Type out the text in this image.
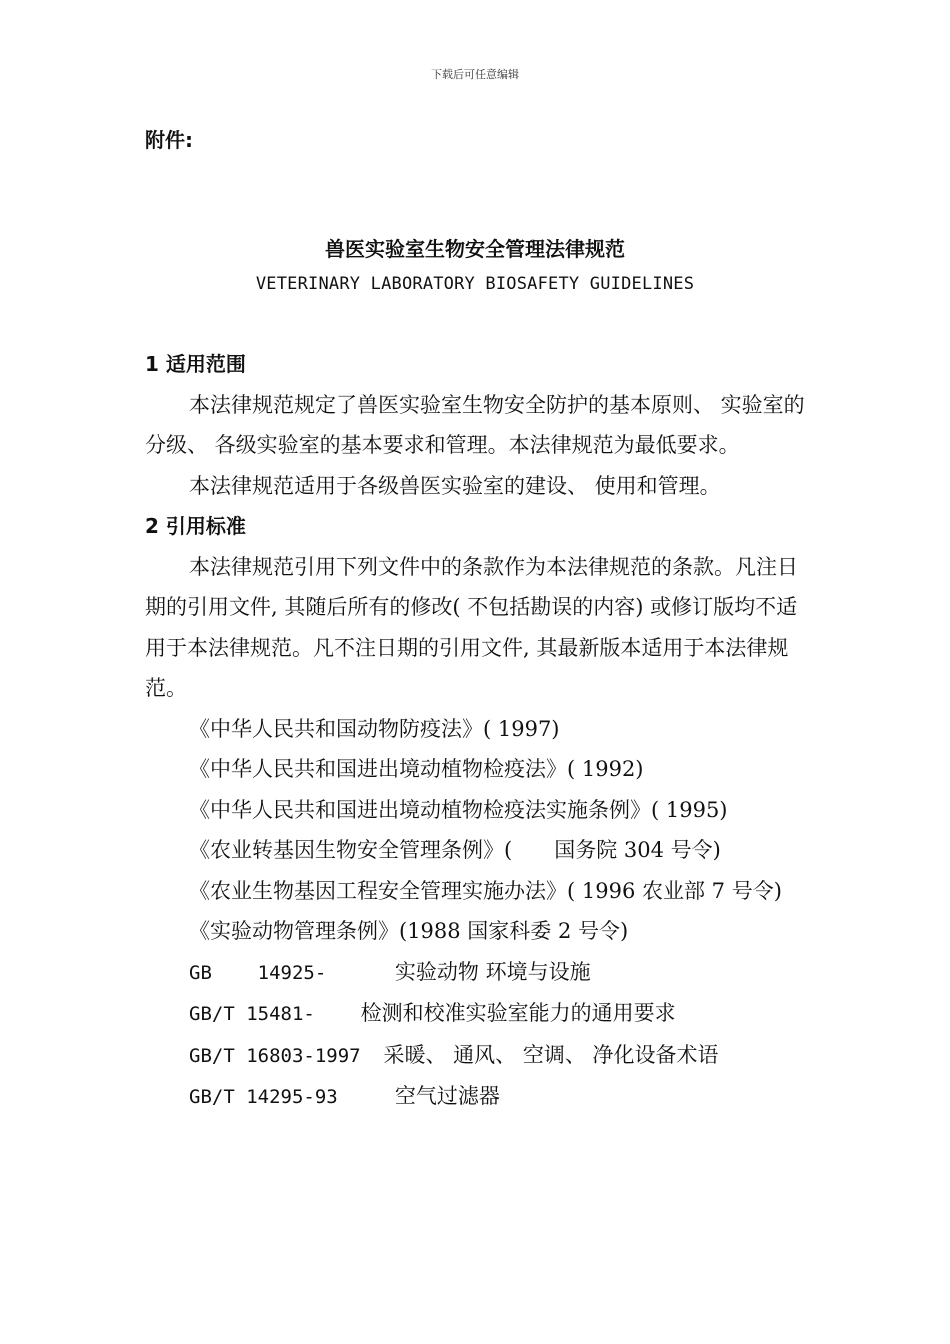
下载后可任意编辑
附件:
兽医实验室生物安全管理法律规范
VETERINARY LABORATORY BIOSAFETY GUIDELINES

1 适用范围

本法律规范规定了兽医实验室生物安全防护的基本原则、 实验室的分级、 各级实验室的基本要求和管理。本法律规范为最低要求。

本法律规范适用于各级兽医实验室的建设、 使用和管理。

2 引用标准

本法律规范引用下列文件中的条款作为本法律规范的条款。凡注日期的引用文件, 其随后所有的修改( 不包括勘误的内容) 或修订版均不适用于本法律规范。凡不注日期的引用文件, 其最新版本适用于本法律规范。

《中华人民共和国动物防疫法》( 1997)

《中华人民共和国进出境动植物检疫法》( 1992)

《中华人民共和国进出境动植物检疫法实施条例》( 1995)

《农业转基因生物安全管理条例》(　　国务院 304 号令)

《农业生物基因工程安全管理实施办法》( 1996 农业部 7 号令)

《实验动物管理条例》(1988 国家科委 2 号令)

GB    14925-      实验动物 环境与设施

GB/T 15481-    检测和校准实验室能力的通用要求

GB/T 16803-1997  采暖、 通风、 空调、 净化设备术语

GB/T 14295-93     空气过滤器
